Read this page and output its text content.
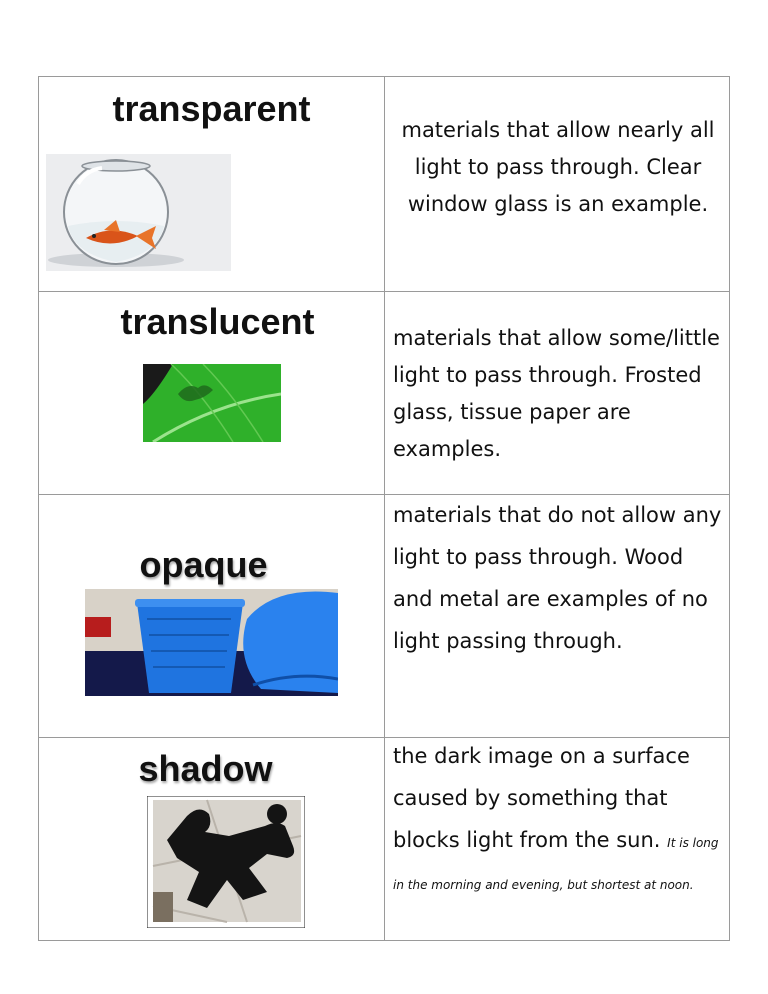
transparent	materials that allow nearly all light to pass through. Clear window glass is an example.

translucent	materials that allow some/little light to pass through. Frosted glass, tissue paper are examples.

opaque	materials that do not allow any light to pass through. Wood and metal are examples of no light passing through.

shadow	the dark image on a surface caused by something that blocks light from the sun. It is long in the morning and evening, but shortest at noon.
